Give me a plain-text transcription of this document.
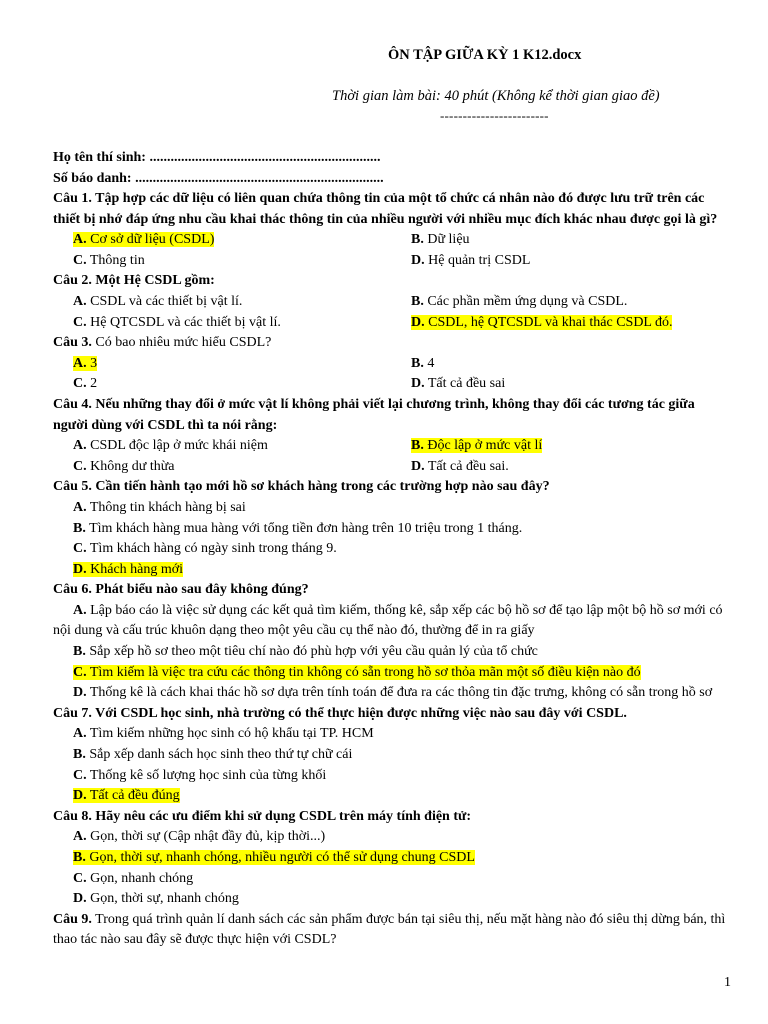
ÔN TẬP GIỮA KỲ 1 K12.docx
Thời gian làm bài: 40 phút (Không kể thời gian giao đề)
------------------------
Họ tên thí sinh: ..................................................................
Số báo danh: .......................................................................

Câu 1. Tập hợp các dữ liệu có liên quan chứa thông tin của một tổ chức cá nhân nào đó được lưu trữ trên các thiết bị nhớ đáp ứng nhu cầu khai thác thông tin của nhiều người với nhiều mục đích khác nhau được gọi là gì?

A. Cơ sở dữ liệu (CSDL)	B. Dữ liệu
C. Thông tin	D. Hệ quản trị CSDL

Câu 2. Một Hệ CSDL gồm:

A. CSDL và các thiết bị vật lí.	B. Các phần mềm ứng dụng và CSDL.
C. Hệ QTCSDL và các thiết bị vật lí.	D. CSDL, hệ QTCSDL và khai thác CSDL đó.

Câu 3. Có bao nhiêu mức hiểu CSDL?

A. 3	B. 4
C. 2	D. Tất cả đều sai

Câu 4. Nếu những thay đổi ở mức vật lí không phải viết lại chương trình, không thay đổi các tương tác giữa người dùng với CSDL thì ta nói rằng:

A. CSDL độc lập ở mức khái niệm	B. Độc lập ở mức vật lí
C. Không dư thừa	D. Tất cả đều sai.

Câu 5. Cần tiến hành tạo mới hồ sơ khách hàng trong các trường hợp nào sau đây?

A. Thông tin khách hàng bị sai
B. Tìm khách hàng mua hàng với tổng tiền đơn hàng trên 10 triệu trong 1 tháng.
C. Tìm khách hàng có ngày sinh trong tháng 9.
D. Khách hàng mới

Câu 6. Phát biểu nào sau đây không đúng?

A. Lập báo cáo là việc sử dụng các kết quả tìm kiếm, thống kê, sắp xếp các bộ hồ sơ để tạo lập một bộ hồ sơ mới có nội dung và cấu trúc khuôn dạng theo một yêu cầu cụ thể nào đó, thường để in ra giấy

B. Sắp xếp hồ sơ theo một tiêu chí nào đó phù hợp với yêu cầu quản lý của tổ chức
C. Tìm kiếm là việc tra cứu các thông tin không có sẵn trong hồ sơ thỏa mãn một số điều kiện nào đó

D. Thống kê là cách khai thác hồ sơ dựa trên tính toán để đưa ra các thông tin đặc trưng, không có sẵn trong hồ sơ

Câu 7. Với CSDL học sinh, nhà trường có thể thực hiện được những việc nào sau đây với CSDL.

A. Tìm kiếm những học sinh có hộ khẩu tại TP. HCM
B. Sắp xếp danh sách học sinh theo thứ tự chữ cái
C. Thống kê số lượng học sinh của từng khối
D. Tất cả đều đúng

Câu 8. Hãy nêu các ưu điểm khi sử dụng CSDL trên máy tính điện tử:

A. Gọn, thời sự (Cập nhật đầy đủ, kịp thời...)
B. Gọn, thời sự, nhanh chóng, nhiều người có thể sử dụng chung CSDL
C. Gọn, nhanh chóng
D. Gọn, thời sự, nhanh chóng

Câu 9. Trong quá trình quản lí danh sách các sản phẩm được bán tại siêu thị, nếu mặt hàng nào đó siêu thị dừng bán, thì thao tác nào sau đây sẽ được thực hiện với CSDL?

1
